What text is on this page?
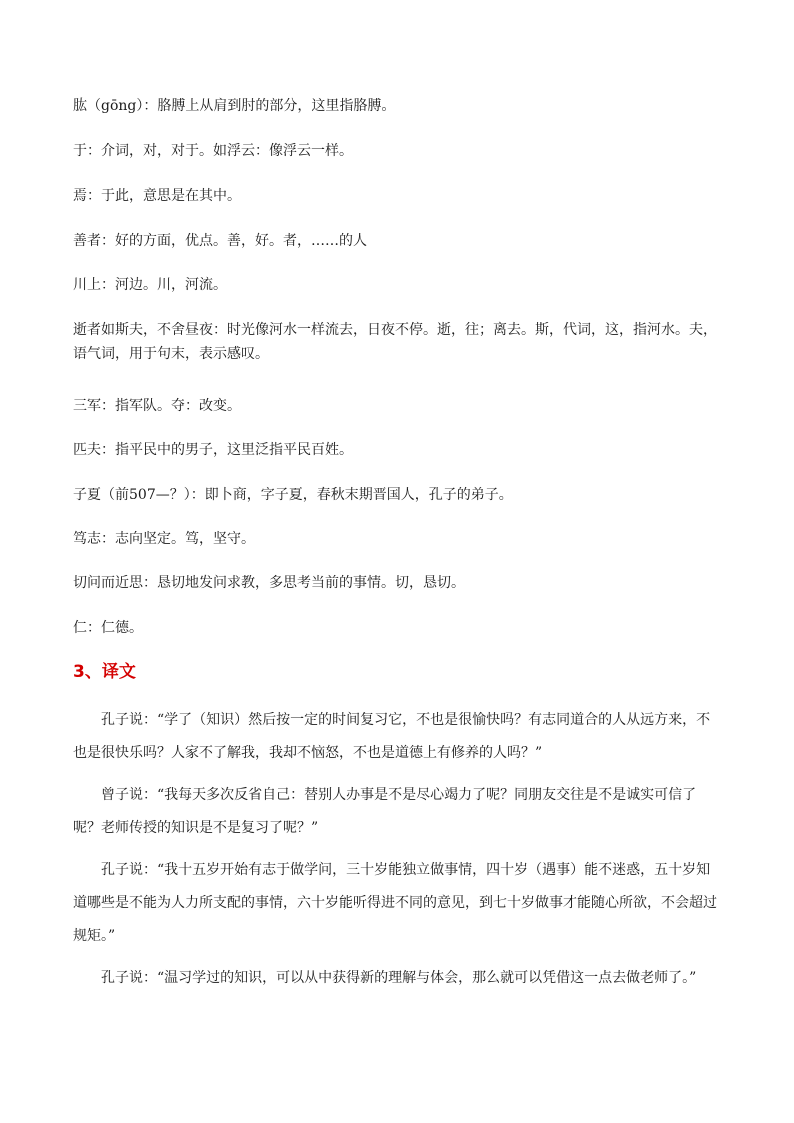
肱（gōng）：胳膊上从肩到肘的部分，这里指胳膊。

于：介词，对，对于。如浮云：像浮云一样。

焉：于此，意思是在其中。

善者：好的方面，优点。善，好。者，……的人

川上：河边。川，河流。

逝者如斯夫，不舍昼夜：时光像河水一样流去，日夜不停。逝，往；离去。斯，代词，这，指河水。夫，语气词，用于句末，表示感叹。

三军：指军队。夺：改变。

匹夫：指平民中的男子，这里泛指平民百姓。

子夏（前507—？）：即卜商，字子夏，春秋末期晋国人，孔子的弟子。

笃志：志向坚定。笃，坚守。

切问而近思：恳切地发问求教，多思考当前的事情。切，恳切。

仁：仁德。

3、译文

孔子说：“学了（知识）然后按一定的时间复习它，不也是很愉快吗？有志同道合的人从远方来，不也是很快乐吗？人家不了解我，我却不恼怒，不也是道德上有修养的人吗？”

曾子说：“我每天多次反省自己：替别人办事是不是尽心竭力了呢？同朋友交往是不是诚实可信了呢？老师传授的知识是不是复习了呢？”

孔子说：“我十五岁开始有志于做学问，三十岁能独立做事情，四十岁（遇事）能不迷惑，五十岁知道哪些是不能为人力所支配的事情，六十岁能听得进不同的意见，到七十岁做事才能随心所欲，不会超过规矩。”

孔子说：“温习学过的知识，可以从中获得新的理解与体会，那么就可以凭借这一点去做老师了。”
